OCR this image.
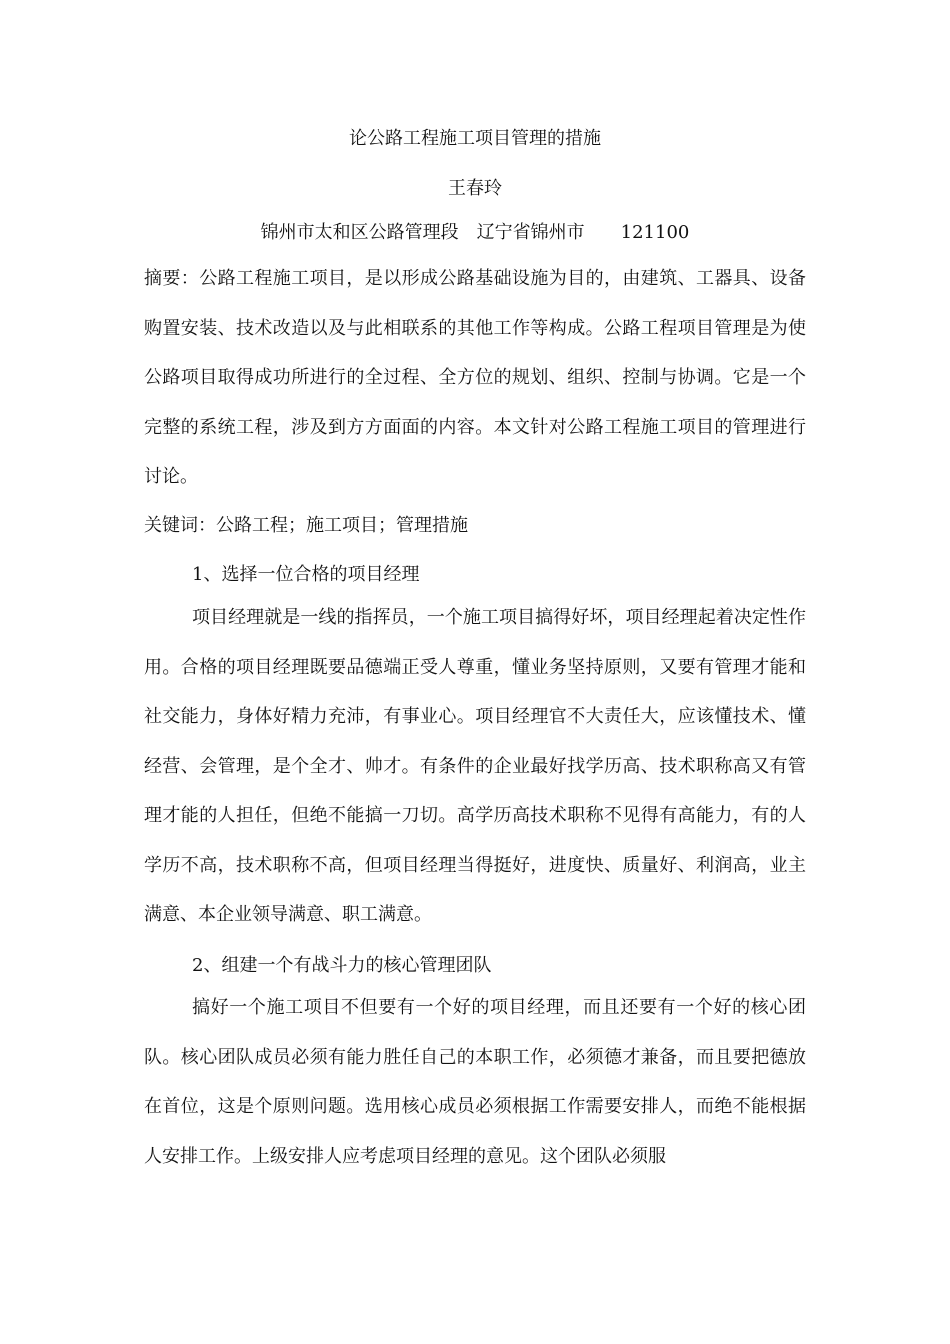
论公路工程施工项目管理的措施
王春玲
锦州市太和区公路管理段　辽宁省锦州市　　121100

摘要：公路工程施工项目，是以形成公路基础设施为目的，由建筑、工器具、设备购置安装、技术改造以及与此相联系的其他工作等构成。公路工程项目管理是为使公路项目取得成功所进行的全过程、全方位的规划、组织、控制与协调。它是一个完整的系统工程，涉及到方方面面的内容。本文针对公路工程施工项目的管理进行讨论。

关键词：公路工程；施工项目；管理措施

1、选择一位合格的项目经理

项目经理就是一线的指挥员，一个施工项目搞得好坏，项目经理起着决定性作用。合格的项目经理既要品德端正受人尊重，懂业务坚持原则，又要有管理才能和社交能力，身体好精力充沛，有事业心。项目经理官不大责任大，应该懂技术、懂经营、会管理，是个全才、帅才。有条件的企业最好找学历高、技术职称高又有管理才能的人担任，但绝不能搞一刀切。高学历高技术职称不见得有高能力，有的人学历不高，技术职称不高，但项目经理当得挺好，进度快、质量好、利润高，业主满意、本企业领导满意、职工满意。

2、组建一个有战斗力的核心管理团队

搞好一个施工项目不但要有一个好的项目经理，而且还要有一个好的核心团队。核心团队成员必须有能力胜任自己的本职工作，必须德才兼备，而且要把德放在首位，这是个原则问题。选用核心成员必须根据工作需要安排人，而绝不能根据人安排工作。上级安排人应考虑项目经理的意见。这个团队必须服
